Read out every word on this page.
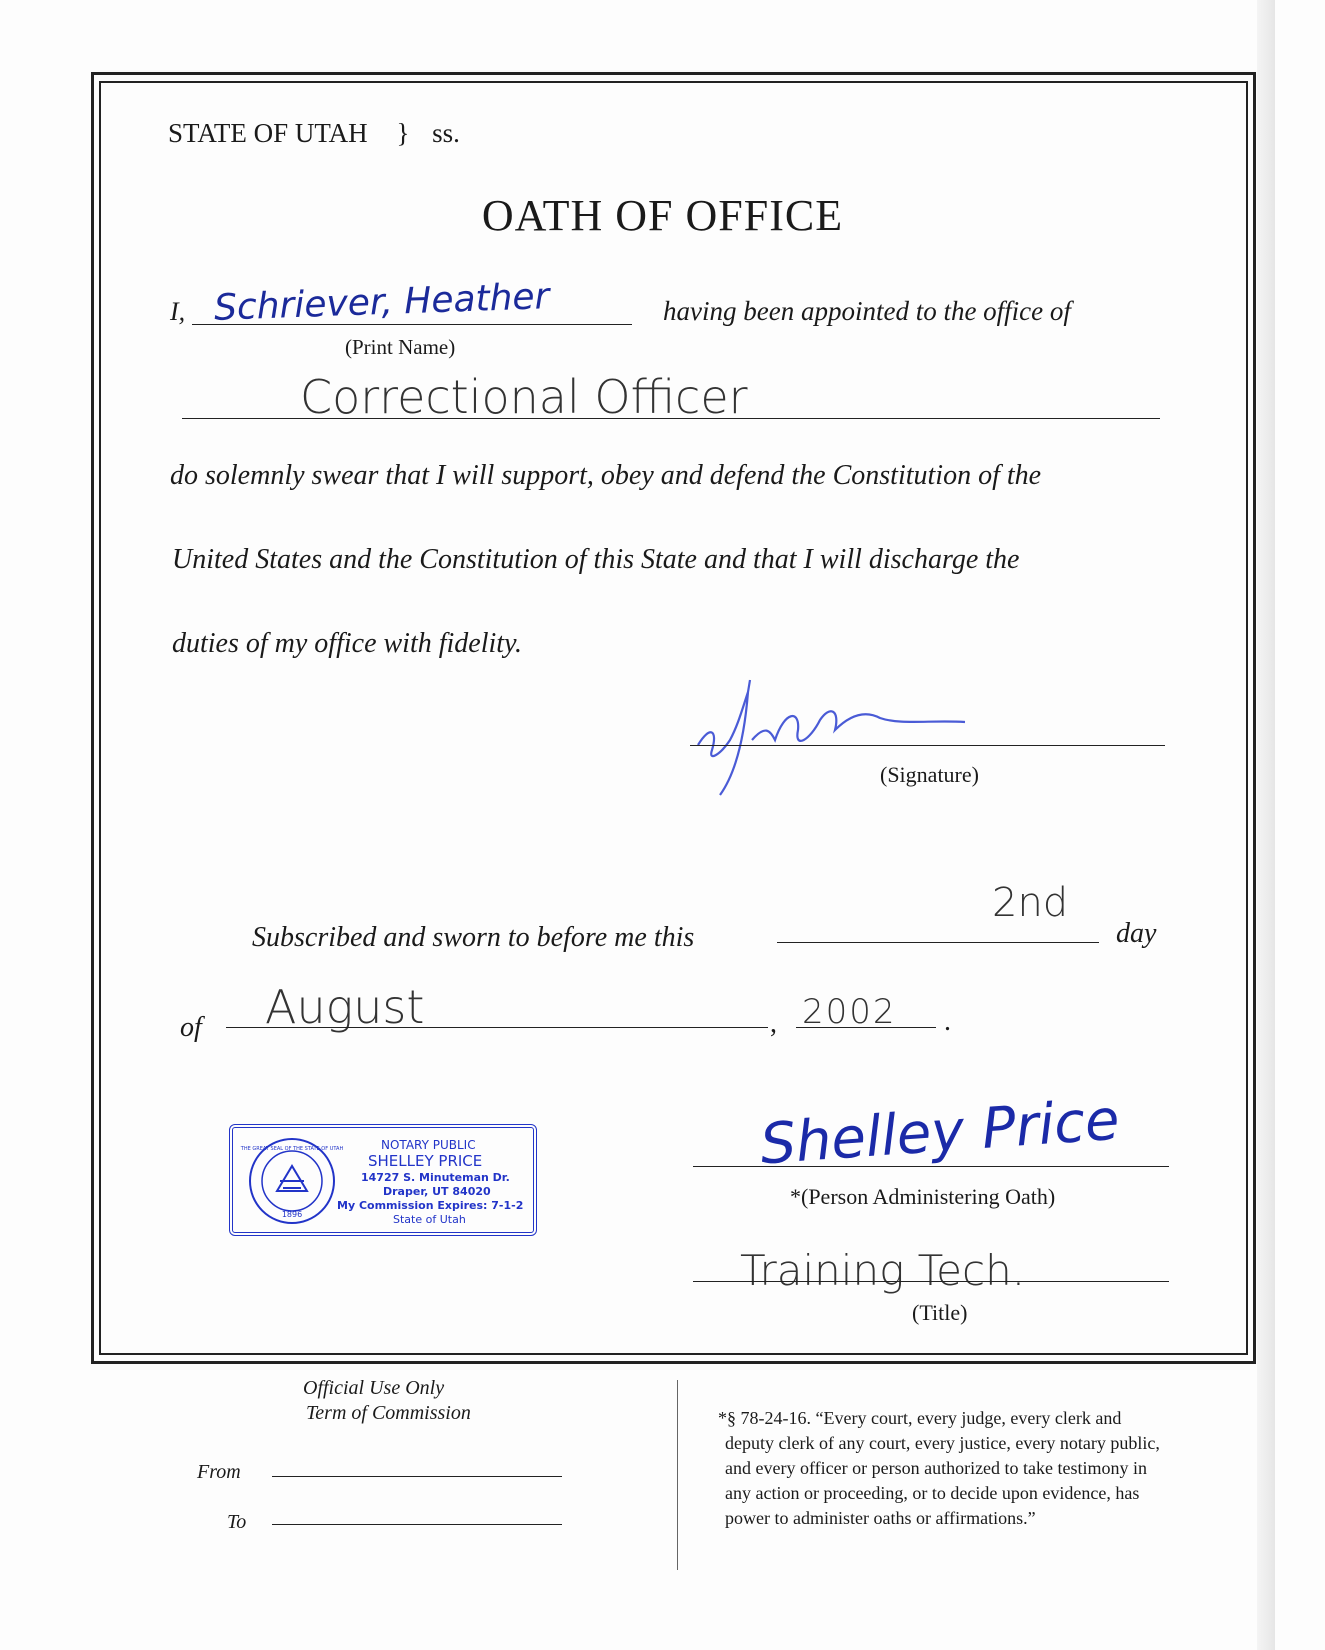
STATE OF UTAH } ss.
OATH OF OFFICE
I, Schriever, Heather
(Print Name)
having been appointed to the office of
Correctional Officer
do solemnly swear that I will support, obey and defend the Constitution of the
United States and the Constitution of this State and that I will discharge the
duties of my office with fidelity.
(Signature)
Subscribed and sworn to before me this
2nd
day
of August	, 2002 .
1896
THE GREAT SEAL OF THE STATE OF UTAH	NOTARY PUBLIC
SHELLEY PRICE
14727 S. Minuteman Dr.
Draper, UT 84020
My Commission Expires: 7-1-2
State of Utah
Shelley Price
*(Person Administering Oath)
Training Tech.
(Title)
Official Use Only
Term of Commission
From
To
*§ 78-24-16. “Every court, every judge, every clerk and
deputy clerk of any court, every justice, every notary public,
and every officer or person authorized to take testimony in
any action or proceeding, or to decide upon evidence, has
power to administer oaths or affirmations.”
